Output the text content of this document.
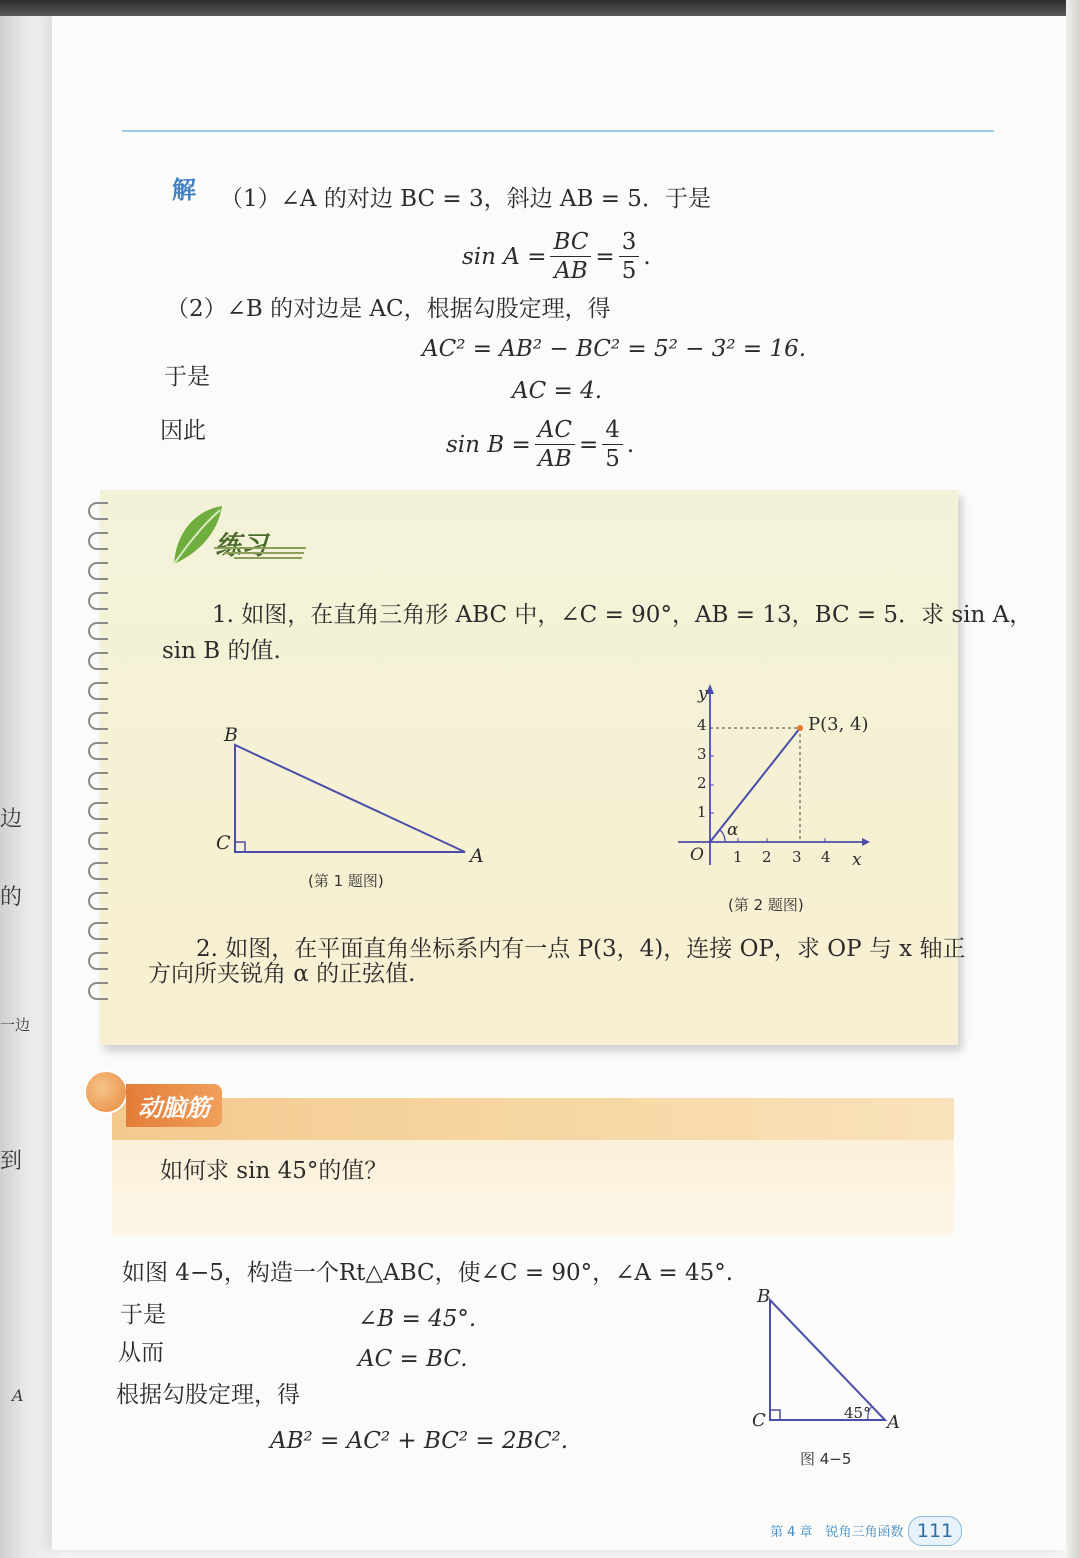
边
的
一边
到
A
解 （1）∠A 的对边 BC = 3，斜边 AB = 5．于是
$\sin A = \frac{BC}{AB} = \frac{3}{5}$ .
（2）∠B 的对边是 AC，根据勾股定理，得
AC² = AB² − BC² = 5² − 3² = 16.
于是
AC = 4.
因此
$\sin B = \frac{AC}{AB} = \frac{4}{5}$ .
练习
1. 如图，在直角三角形 ABC 中，∠C = 90°，AB = 13，BC = 5．求 sin A，
sin B 的值.
B
C
A
(第 1 题图)
y
x
O
α
P(3, 4)
4
3
2
1
1 2 3 4
(第 2 题图)
2. 如图，在平面直角坐标系内有一点 P(3，4)，连接 OP，求 OP 与 x 轴正
方向所夹锐角 α 的正弦值.
动脑筋
如何求 sin 45°的值？
如图 4−5，构造一个Rt△ABC，使∠C = 90°，∠A = 45°.
于是	∠B = 45°.
从而	AC = BC.
根据勾股定理，得
AB² = AC² + BC² = 2BC².
B
C	A
45°
图 4−5
第 4 章　锐角三角函数 111
